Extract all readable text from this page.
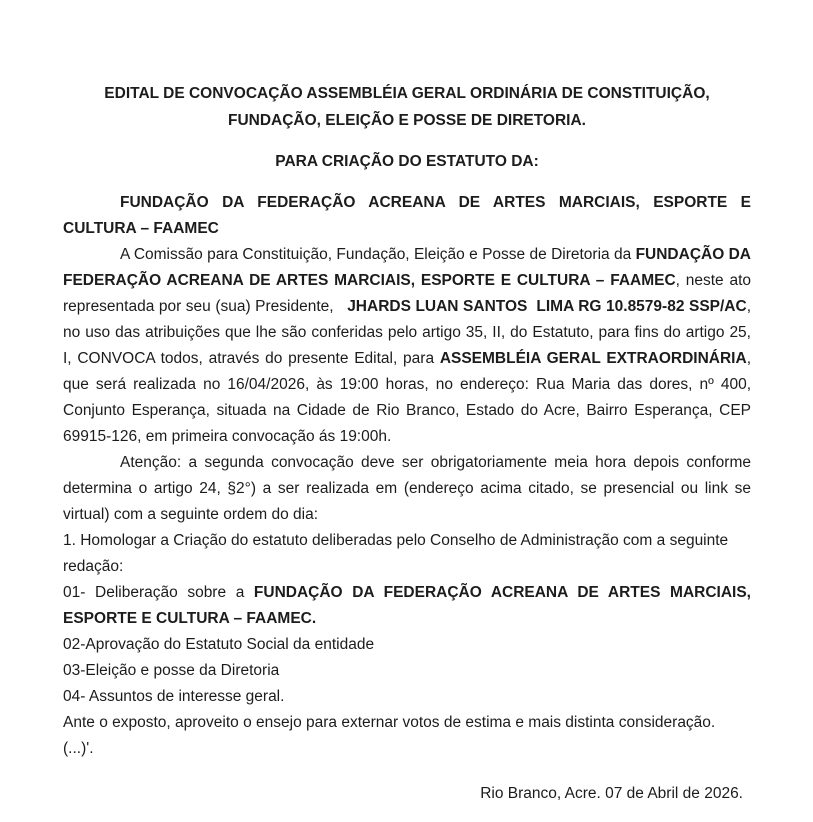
EDITAL DE CONVOCAÇÃO ASSEMBLÉIA GERAL ORDINÁRIA DE CONSTITUIÇÃO, FUNDAÇÃO, ELEIÇÃO E POSSE DE DIRETORIA.

PARA CRIAÇÃO DO ESTATUTO DA:

FUNDAÇÃO DA FEDERAÇÃO ACREANA DE ARTES MARCIAIS, ESPORTE E CULTURA – FAAMEC

A Comissão para Constituição, Fundação, Eleição e Posse de Diretoria da FUNDAÇÃO DA FEDERAÇÃO ACREANA DE ARTES MARCIAIS, ESPORTE E CULTURA – FAAMEC, neste ato representada por seu (sua) Presidente,   JHARDS LUAN SANTOS  LIMA RG 10.8579-82 SSP/AC, no uso das atribuições que lhe são conferidas pelo artigo 35, II, do Estatuto, para fins do artigo 25, I, CONVOCA todos, através do presente Edital, para ASSEMBLÉIA GERAL EXTRAORDINÁRIA, que será realizada no 16/04/2026, às 19:00 horas, no endereço: Rua Maria das dores, nº 400, Conjunto Esperança, situada na Cidade de Rio Branco, Estado do Acre, Bairro Esperança, CEP 69915-126, em primeira convocação ás 19:00h.

Atenção: a segunda convocação deve ser obrigatoriamente meia hora depois conforme determina o artigo 24, §2°) a ser realizada em (endereço acima citado, se presencial ou link se virtual) com a seguinte ordem do dia:

1. Homologar a Criação do estatuto deliberadas pelo Conselho de Administração com a seguinte redação:

01- Deliberação sobre a FUNDAÇÃO DA FEDERAÇÃO ACREANA DE ARTES MARCIAIS, ESPORTE E CULTURA – FAAMEC.

02-Aprovação do Estatuto Social da entidade

03-Eleição e posse da Diretoria

04- Assuntos de interesse geral.

Ante o exposto, aproveito o ensejo para externar votos de estima e mais distinta consideração.

(...)'.

Rio Branco, Acre. 07 de Abril de 2026.
